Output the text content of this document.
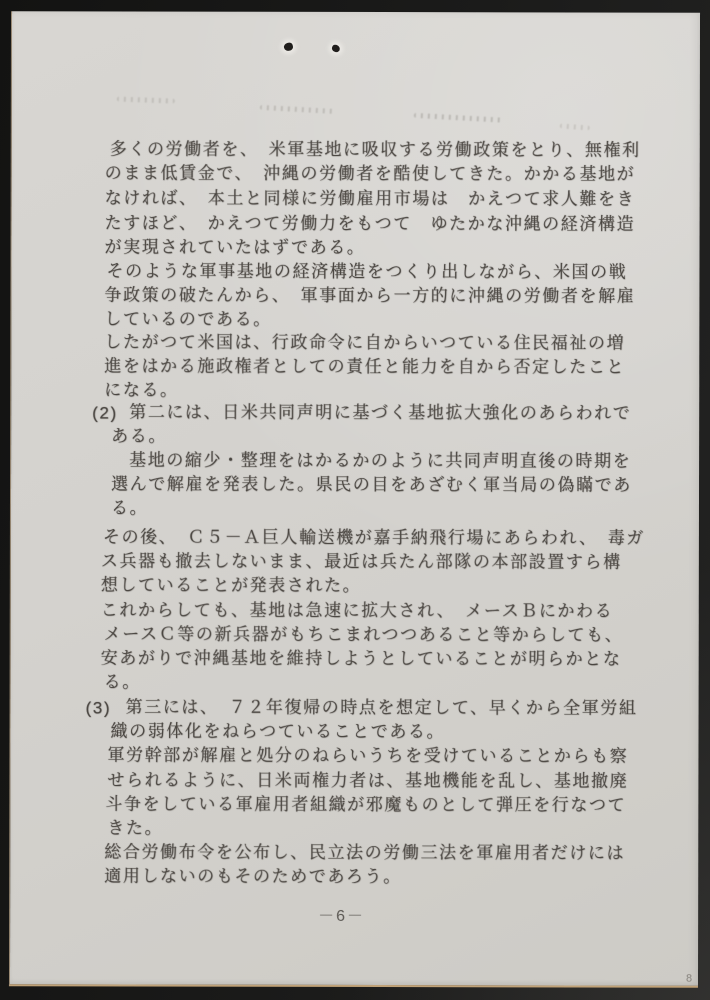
多くの労働者を、　米軍基地に吸収する労働政策をとり、無権利
のまま低賃金で、　沖縄の労働者を酷使してきた。かかる基地が
なければ、　本土と同様に労働雇用市場は　かえつて求人難をき
たすほど、　かえつて労働力をもつて　ゆたかな沖縄の経済構造
が実現されていたはずである。
そのような軍事基地の経済構造をつくり出しながら、米国の戦
争政策の破たんから、　軍事面から一方的に沖縄の労働者を解雇
しているのである。
したがつて米国は、行政命令に自からいつている住民福祉の増
進をはかる施政権者としての責任と能力を自から否定したこと
になる。
(2) 第二には、日米共同声明に基づく基地拡大強化のあらわれで
ある。
基地の縮少・整理をはかるかのように共同声明直後の時期を
選んで解雇を発表した。県民の目をあざむく軍当局の偽瞞であ
る。
その後、　Ｃ５－Ａ巨人輸送機が嘉手納飛行場にあらわれ、　毒ガ
ス兵器も撤去しないまま、最近は兵たん部隊の本部設置すら構
想していることが発表された。
これからしても、基地は急速に拡大され、　メースＢにかわる
メースＣ等の新兵器がもちこまれつつあること等からしても、
安あがりで沖縄基地を維持しようとしていることが明らかとな
る。
(3) 第三には、　７２年復帰の時点を想定して、早くから全軍労組
織の弱体化をねらつていることである。
軍労幹部が解雇と処分のねらいうちを受けていることからも察
せられるように、日米両権力者は、基地機能を乱し、基地撤廃
斗争をしている軍雇用者組織が邪魔ものとして弾圧を行なつて
きた。
総合労働布令を公布し、民立法の労働三法を軍雇用者だけには
適用しないのもそのためであろう。
－6－
8
